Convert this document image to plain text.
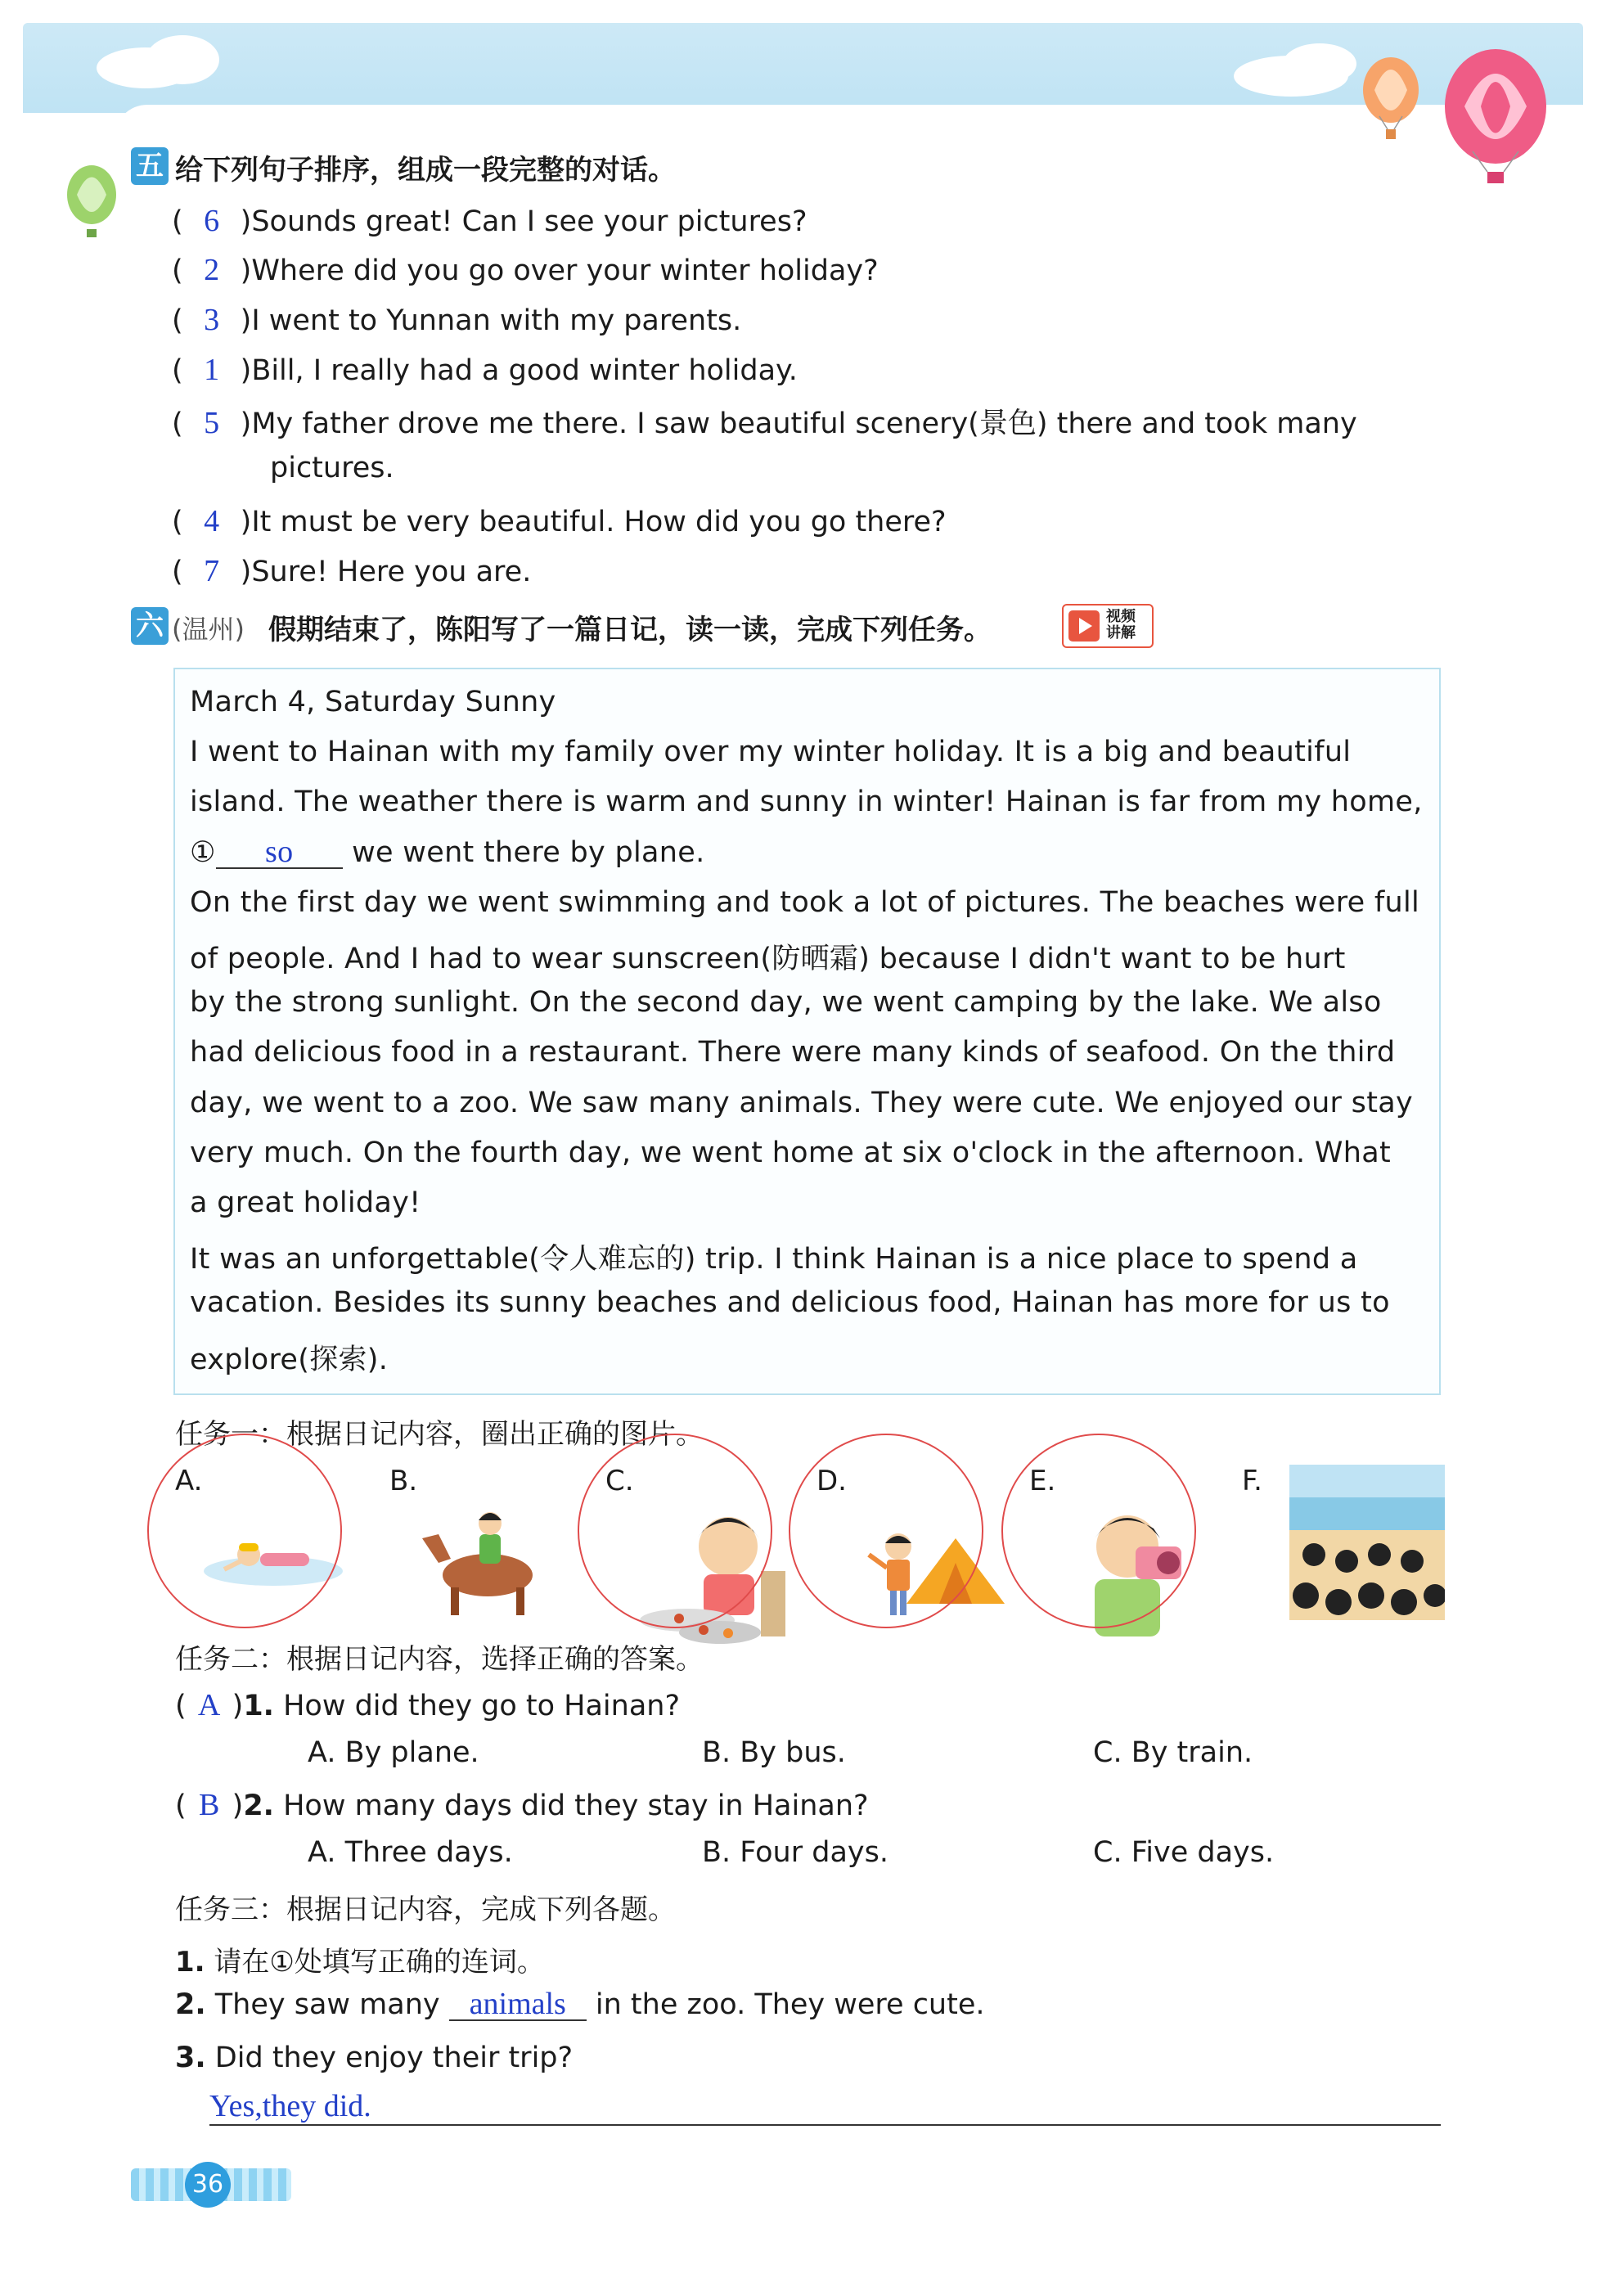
五 给下列句子排序，组成一段完整的对话。
( 6 )Sounds great! Can I see your pictures?
( 2 )Where did you go over your winter holiday?
( 3 )I went to Yunnan with my parents.
( 1 )Bill, I really had a good winter holiday.
( 5 )My father drove me there. I saw beautiful scenery(景色) there and took many
pictures.
( 4 )It must be very beautiful. How did you go there?
( 7 )Sure! Here you are.
六 (温州) 假期结束了，陈阳写了一篇日记，读一读，完成下列任务。	视频
讲解
March 4, Saturday Sunny
I went to Hainan with my family over my winter holiday. It is a big and beautiful
island. The weather there is warm and sunny in winter! Hainan is far from my home,
① so we went there by plane.
On the first day we went swimming and took a lot of pictures. The beaches were full
of people. And I had to wear sunscreen(防晒霜) because I didn't want to be hurt
by the strong sunlight. On the second day, we went camping by the lake. We also
had delicious food in a restaurant. There were many kinds of seafood. On the third
day, we went to a zoo. We saw many animals. They were cute. We enjoyed our stay
very much. On the fourth day, we went home at six o'clock in the afternoon. What
a great holiday!
It was an unforgettable(令人难忘的) trip. I think Hainan is a nice place to spend a
vacation. Besides its sunny beaches and delicious food, Hainan has more for us to
explore(探索).
任务一：根据日记内容，圈出正确的图片。
A.	B.	C.	D.	E.	F.
任务二：根据日记内容，选择正确的答案。
( A )1. How did they go to Hainan?
A. By plane.	B. By bus.	C. By train.
( B )2. How many days did they stay in Hainan?
A. Three days.	B. Four days.	C. Five days.
任务三：根据日记内容，完成下列各题。
1. 请在①处填写正确的连词。
2. They saw many animals in the zoo. They were cute.
3. Did they enjoy their trip?
Yes,they did.
36
